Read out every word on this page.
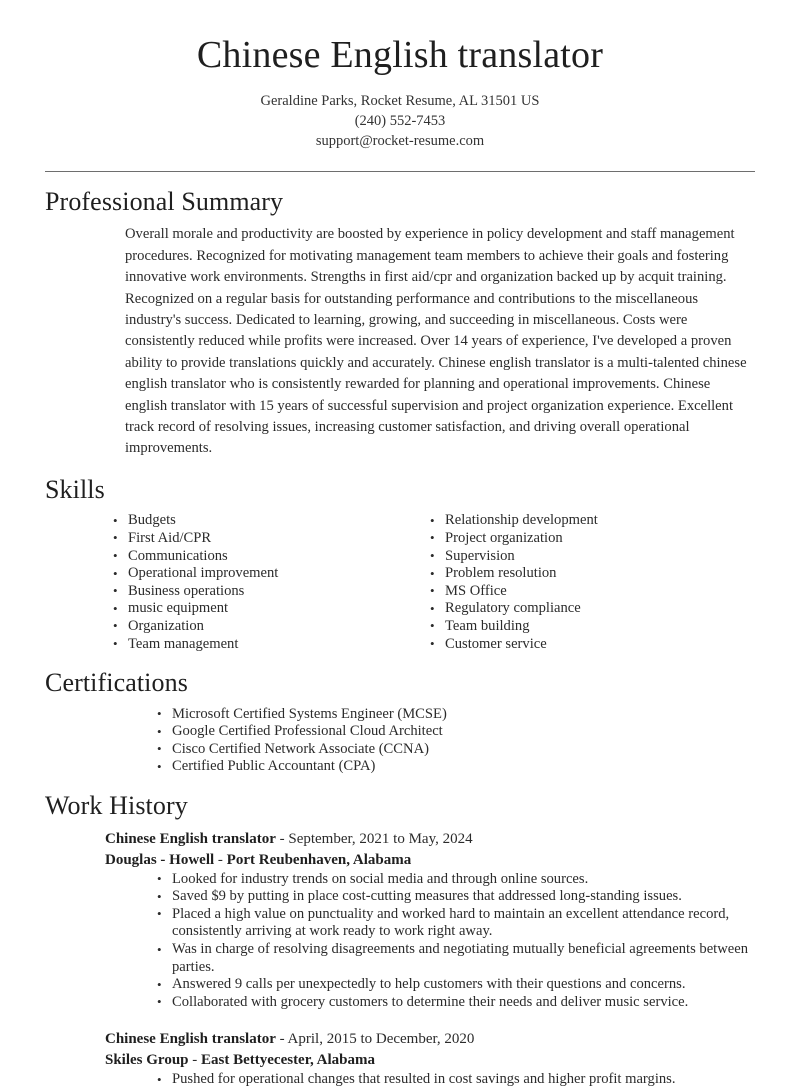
Chinese English translator

Geraldine Parks, Rocket Resume, AL 31501 US

(240) 552-7453

support@rocket-resume.com

Professional Summary

Overall morale and productivity are boosted by experience in policy development and staff management procedures. Recognized for motivating management team members to achieve their goals and fostering innovative work environments. Strengths in first aid/cpr and organization backed up by acquit training. Recognized on a regular basis for outstanding performance and contributions to the miscellaneous industry's success. Dedicated to learning, growing, and succeeding in miscellaneous. Costs were consistently reduced while profits were increased. Over 14 years of experience, I've developed a proven ability to provide translations quickly and accurately. Chinese english translator is a multi-talented chinese english translator who is consistently rewarded for planning and operational improvements. Chinese english translator with 15 years of successful supervision and project organization experience. Excellent track record of resolving issues, increasing customer satisfaction, and driving overall operational improvements.

Skills
• Budgets
• First Aid/CPR
• Communications
• Operational improvement
• Business operations
• music equipment
• Organization
• Team management
• Relationship development
• Project organization
• Supervision
• Problem resolution
• MS Office
• Regulatory compliance
• Team building
• Customer service
Certifications
• Microsoft Certified Systems Engineer (MCSE)
• Google Certified Professional Cloud Architect
• Cisco Certified Network Associate (CCNA)
• Certified Public Accountant (CPA)
Work History
Chinese English translator - September, 2021 to May, 2024
Douglas - Howell - Port Reubenhaven, Alabama
• Looked for industry trends on social media and through online sources.
• Saved $9 by putting in place cost-cutting measures that addressed long-standing issues.
• Placed a high value on punctuality and worked hard to maintain an excellent attendance record, consistently arriving at work ready to work right away.
• Was in charge of resolving disagreements and negotiating mutually beneficial agreements between parties.
• Answered 9 calls per unexpectedly to help customers with their questions and concerns.
• Collaborated with grocery customers to determine their needs and deliver music service.
Chinese English translator - April, 2015 to December, 2020
Skiles Group - East Bettyecester, Alabama
• Pushed for operational changes that resulted in cost savings and higher profit margins.
